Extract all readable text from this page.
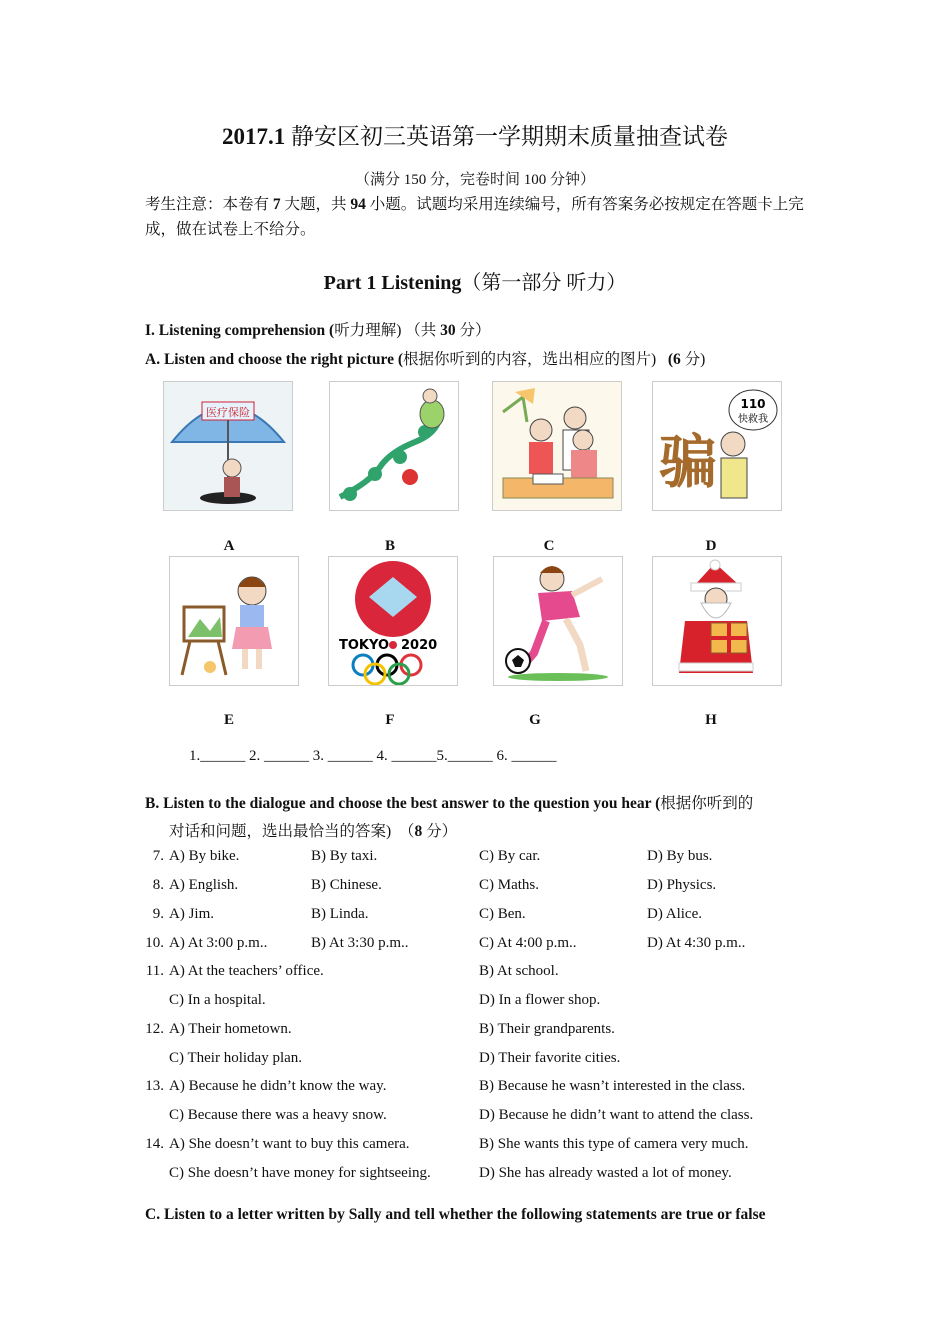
2017.1 静安区初三英语第一学期期末质量抽查试卷
（满分 150 分，完卷时间 100 分钟）
考生注意：本卷有 7 大题，共 94 小题。试题均采用连续编号，所有答案务必按规定在答题卡上完成，做在试卷上不给分。
Part 1 Listening（第一部分 听力）
I. Listening comprehension (听力理解) （共 30 分）
A. Listen and choose the right picture (根据你听到的内容，选出相应的图片) (6 分)
医疗保险
骗
110
快救我
A	B	C	D
TOKYO 2020
E	F	G	H
1.______ 2. ______ 3. ______ 4. ______5.______ 6. ______
B. Listen to the dialogue and choose the best answer to the question you hear (根据你听到的
对话和问题，选出最恰当的答案) （8 分）
7. A) By bike.	B) By taxi.	C) By car.	D) By bus.
8. A) English.	B) Chinese.	C) Maths.	D) Physics.
9. A) Jim.	B) Linda.	C) Ben.	D) Alice.
10. A) At 3:00 p.m..	B) At 3:30 p.m..	C) At 4:00 p.m..	D) At 4:30 p.m..
11. A) At the teachers’ office.	B) At school.
C) In a hospital.	D) In a flower shop.
12. A) Their hometown.	B) Their grandparents.
C) Their holiday plan.	D) Their favorite cities.
13. A) Because he didn’t know the way.	B) Because he wasn’t interested in the class.
C) Because there was a heavy snow.	D) Because he didn’t want to attend the class.
14. A) She doesn’t want to buy this camera.	B) She wants this type of camera very much.
C) She doesn’t have money for sightseeing.	D) She has already wasted a lot of money.
C. Listen to a letter written by Sally and tell whether the following statements are true or false
